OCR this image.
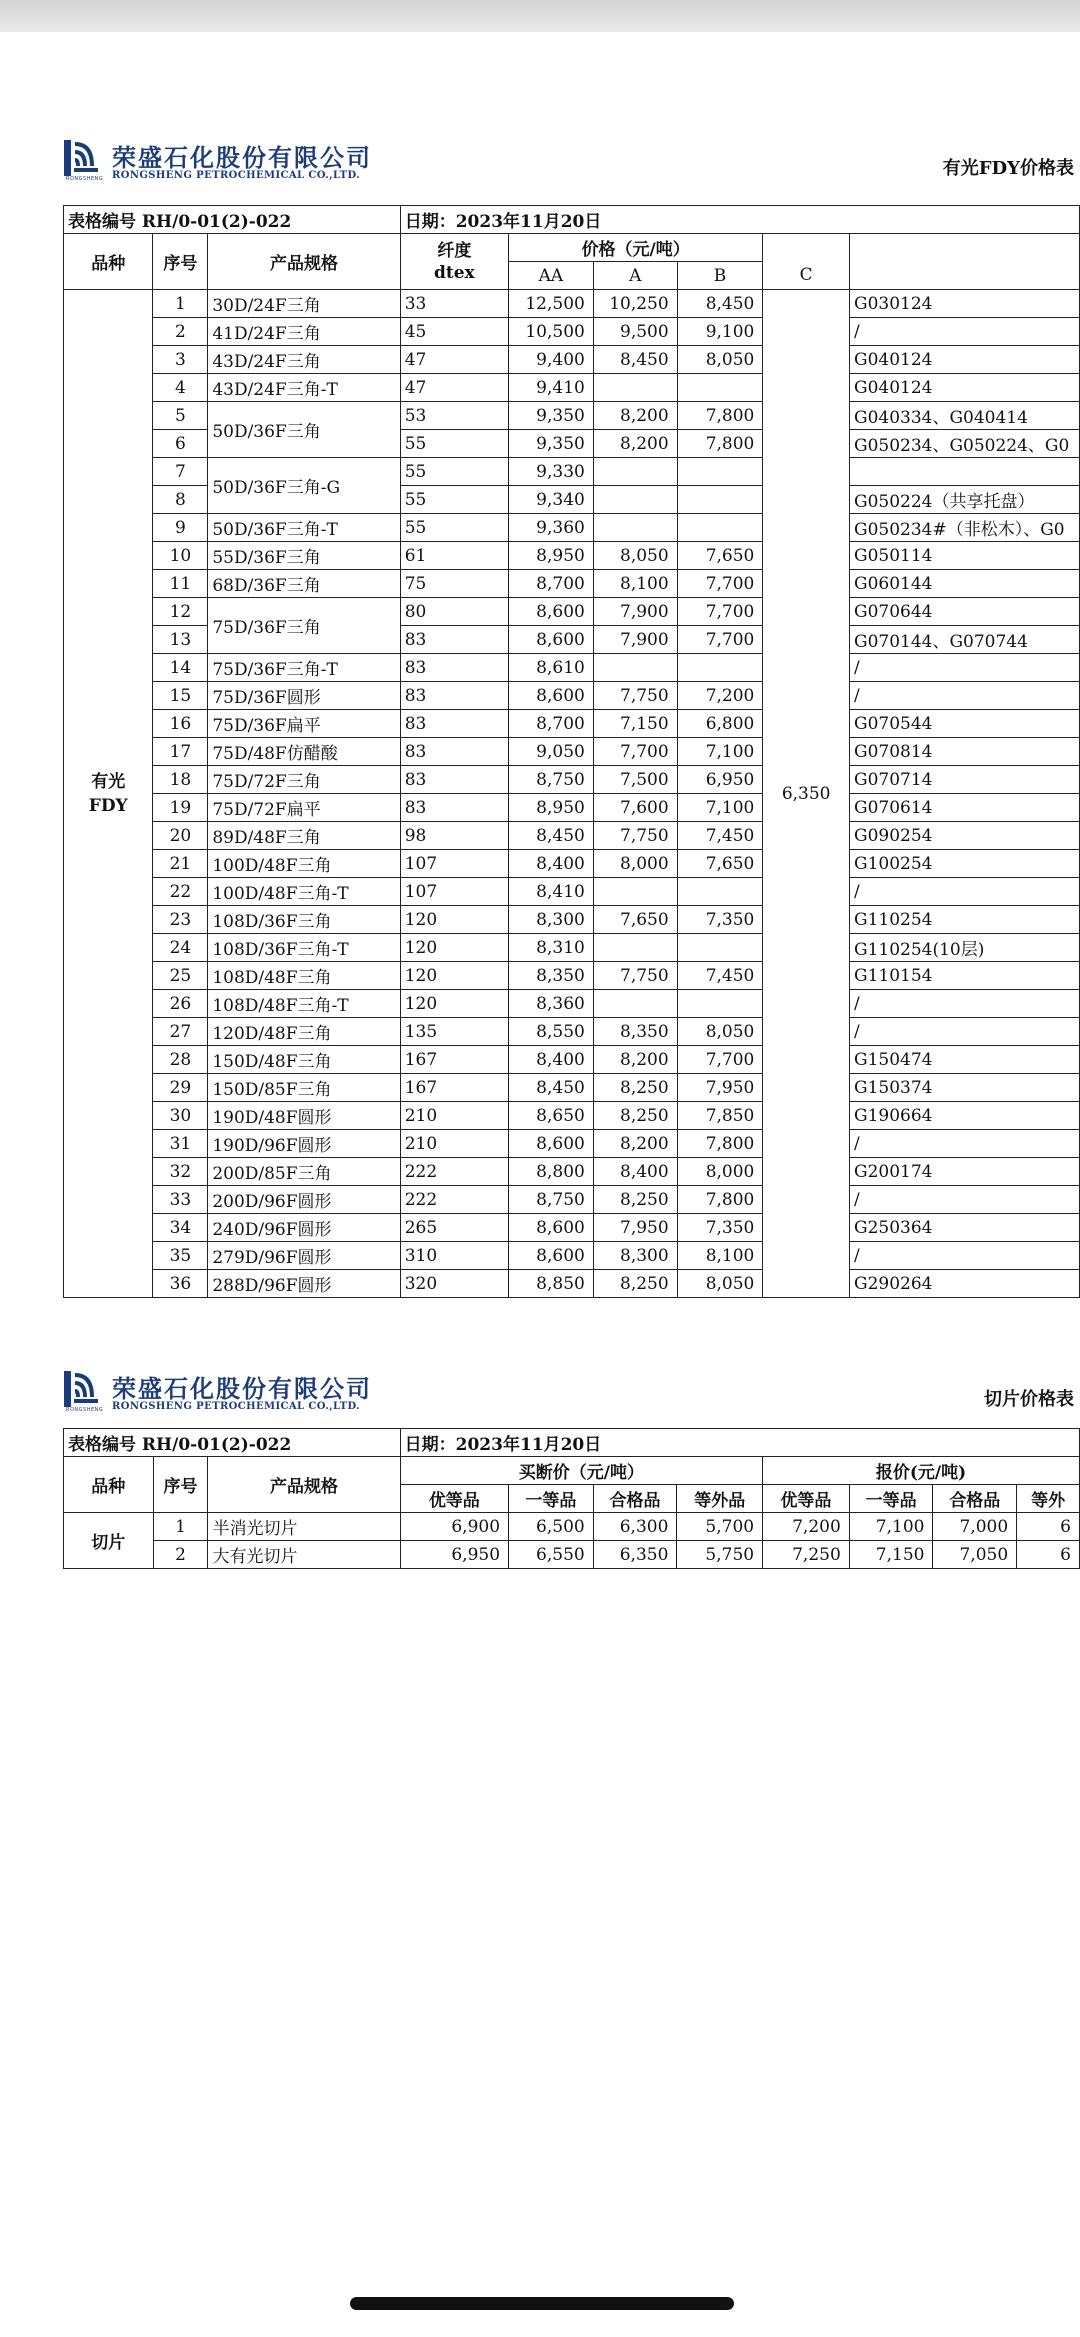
RONGSHENG
荣盛石化股份有限公司
RONGSHENG PETROCHEMICAL CO.,LTD.	有光FDY价格表
表格编号 RH/0-01(2)-022			日期：2023年11月20日					
品种	序号	产品规格	纤度
dtex	价格（元/吨）				
				AA	A	B	C	

有光
FDY	1	30D/24F三角	33	12,500	10,250	8,450	6,350	G030124
	2	41D/24F三角	45	10,500	9,500	9,100		/
	3	43D/24F三角	47	9,400	8,450	8,050		G040124
	4	43D/24F三角-T	47	9,410				G040124
	5	50D/36F三角	53	9,350	8,200	7,800		G040334、G040414
	6		55	9,350	8,200	7,800		G050234、G050224、G0
	7	50D/36F三角-G	55	9,330				
	8		55	9,340				G050224（共享托盘）
	9	50D/36F三角-T	55	9,360				G050234#（非松木）、G0
	10	55D/36F三角	61	8,950	8,050	7,650		G050114
	11	68D/36F三角	75	8,700	8,100	7,700		G060144
	12	75D/36F三角	80	8,600	7,900	7,700		G070644
	13		83	8,600	7,900	7,700		G070144、G070744
	14	75D/36F三角-T	83	8,610				/
	15	75D/36F圆形	83	8,600	7,750	7,200		/
	16	75D/36F扁平	83	8,700	7,150	6,800		G070544
	17	75D/48F仿醋酸	83	9,050	7,700	7,100		G070814
	18	75D/72F三角	83	8,750	7,500	6,950		G070714
	19	75D/72F扁平	83	8,950	7,600	7,100		G070614
	20	89D/48F三角	98	8,450	7,750	7,450		G090254
	21	100D/48F三角	107	8,400	8,000	7,650		G100254
	22	100D/48F三角-T	107	8,410				/
	23	108D/36F三角	120	8,300	7,650	7,350		G110254
	24	108D/36F三角-T	120	8,310				G110254(10层)
	25	108D/48F三角	120	8,350	7,750	7,450		G110154
	26	108D/48F三角-T	120	8,360				/
	27	120D/48F三角	135	8,550	8,350	8,050		/
	28	150D/48F三角	167	8,400	8,200	7,700		G150474
	29	150D/85F三角	167	8,450	8,250	7,950		G150374
	30	190D/48F圆形	210	8,650	8,250	7,850		G190664
	31	190D/96F圆形	210	8,600	8,200	7,800		/
	32	200D/85F三角	222	8,800	8,400	8,000		G200174
	33	200D/96F圆形	222	8,750	8,250	7,800		/
	34	240D/96F圆形	265	8,600	7,950	7,350		G250364
	35	279D/96F圆形	310	8,600	8,300	8,100		/
	36	288D/96F圆形	320	8,850	8,250	8,050		G290264
RONGSHENG
荣盛石化股份有限公司
RONGSHENG PETROCHEMICAL CO.,LTD.	切片价格表
表格编号 RH/0-01(2)-022			日期：2023年11月20日							
品种	序号	产品规格	买断价（元/吨）				报价(元/吨)			
			优等品	一等品	合格品	等外品	优等品	一等品	合格品	等外
切片	1	半消光切片	6,900	6,500	6,300	5,700	7,200	7,100	7,000	6
	2	大有光切片	6,950	6,550	6,350	5,750	7,250	7,150	7,050	6
